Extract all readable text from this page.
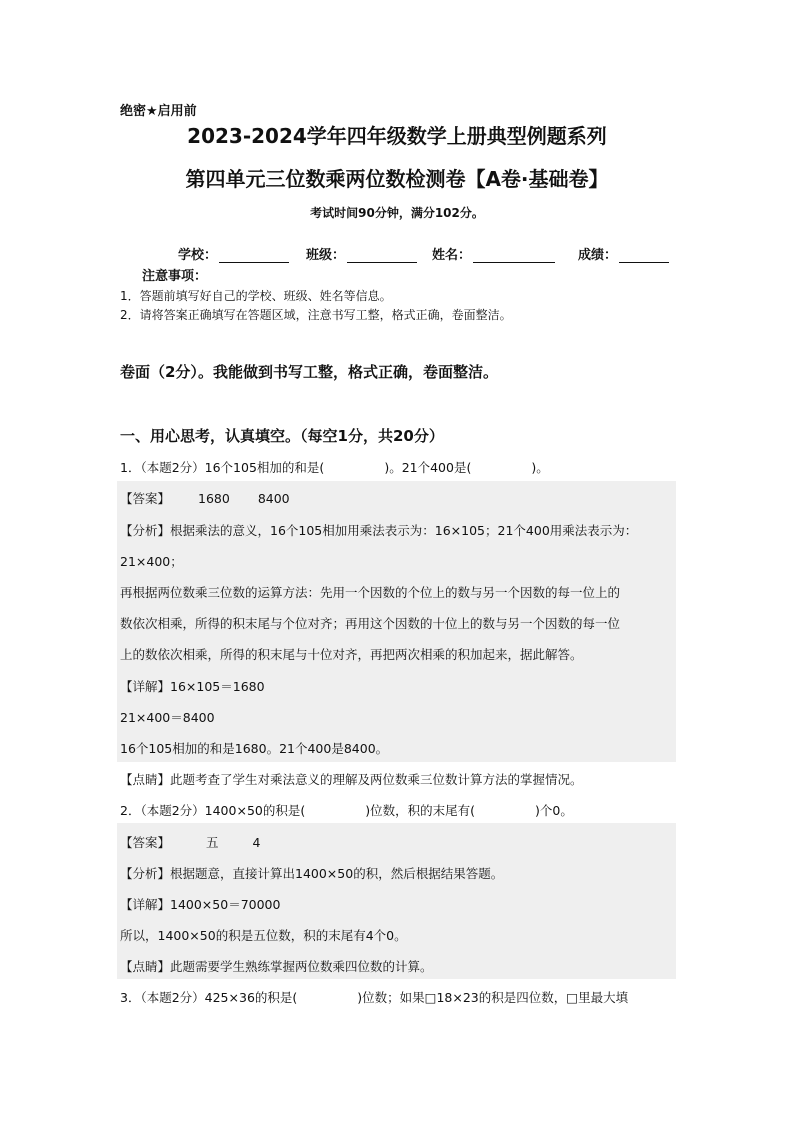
绝密★启用前
2023-2024学年四年级数学上册典型例题系列
第四单元三位数乘两位数检测卷【A卷·基础卷】
考试时间90分钟，满分102分。
学校：	班级：	姓名：	成绩：
注意事项：
1．答题前填写好自己的学校、班级、姓名等信息。
2．请将答案正确填写在答题区域，注意书写工整，格式正确，卷面整洁。
卷面（2分）。我能做到书写工整，格式正确，卷面整洁。
一、用心思考，认真填空。（每空1分，共20分）
1．（本题2分）16个105相加的和是(	)。21个400是(	)。
【答案】 1680 8400
【分析】根据乘法的意义，16个105相加用乘法表示为：16×105；21个400用乘法表示为：
21×400；
再根据两位数乘三位数的运算方法：先用一个因数的个位上的数与另一个因数的每一位上的
数依次相乘，所得的积末尾与个位对齐；再用这个因数的十位上的数与另一个因数的每一位
上的数依次相乘，所得的积末尾与十位对齐，再把两次相乘的积加起来，据此解答。
【详解】16×105＝1680
21×400＝8400
16个105相加的和是1680。21个400是8400。
【点睛】此题考查了学生对乘法意义的理解及两位数乘三位数计算方法的掌握情况。
2．（本题2分）1400×50的积是(	)位数，积的末尾有(	)个0。
【答案】	五	4
【分析】根据题意，直接计算出1400×50的积，然后根据结果答题。
【详解】1400×50＝70000
所以，1400×50的积是五位数，积的末尾有4个0。
【点睛】此题需要学生熟练掌握两位数乘四位数的计算。
3．（本题2分）425×36的积是(	)位数；如果□18×23的积是四位数，□里最大填
